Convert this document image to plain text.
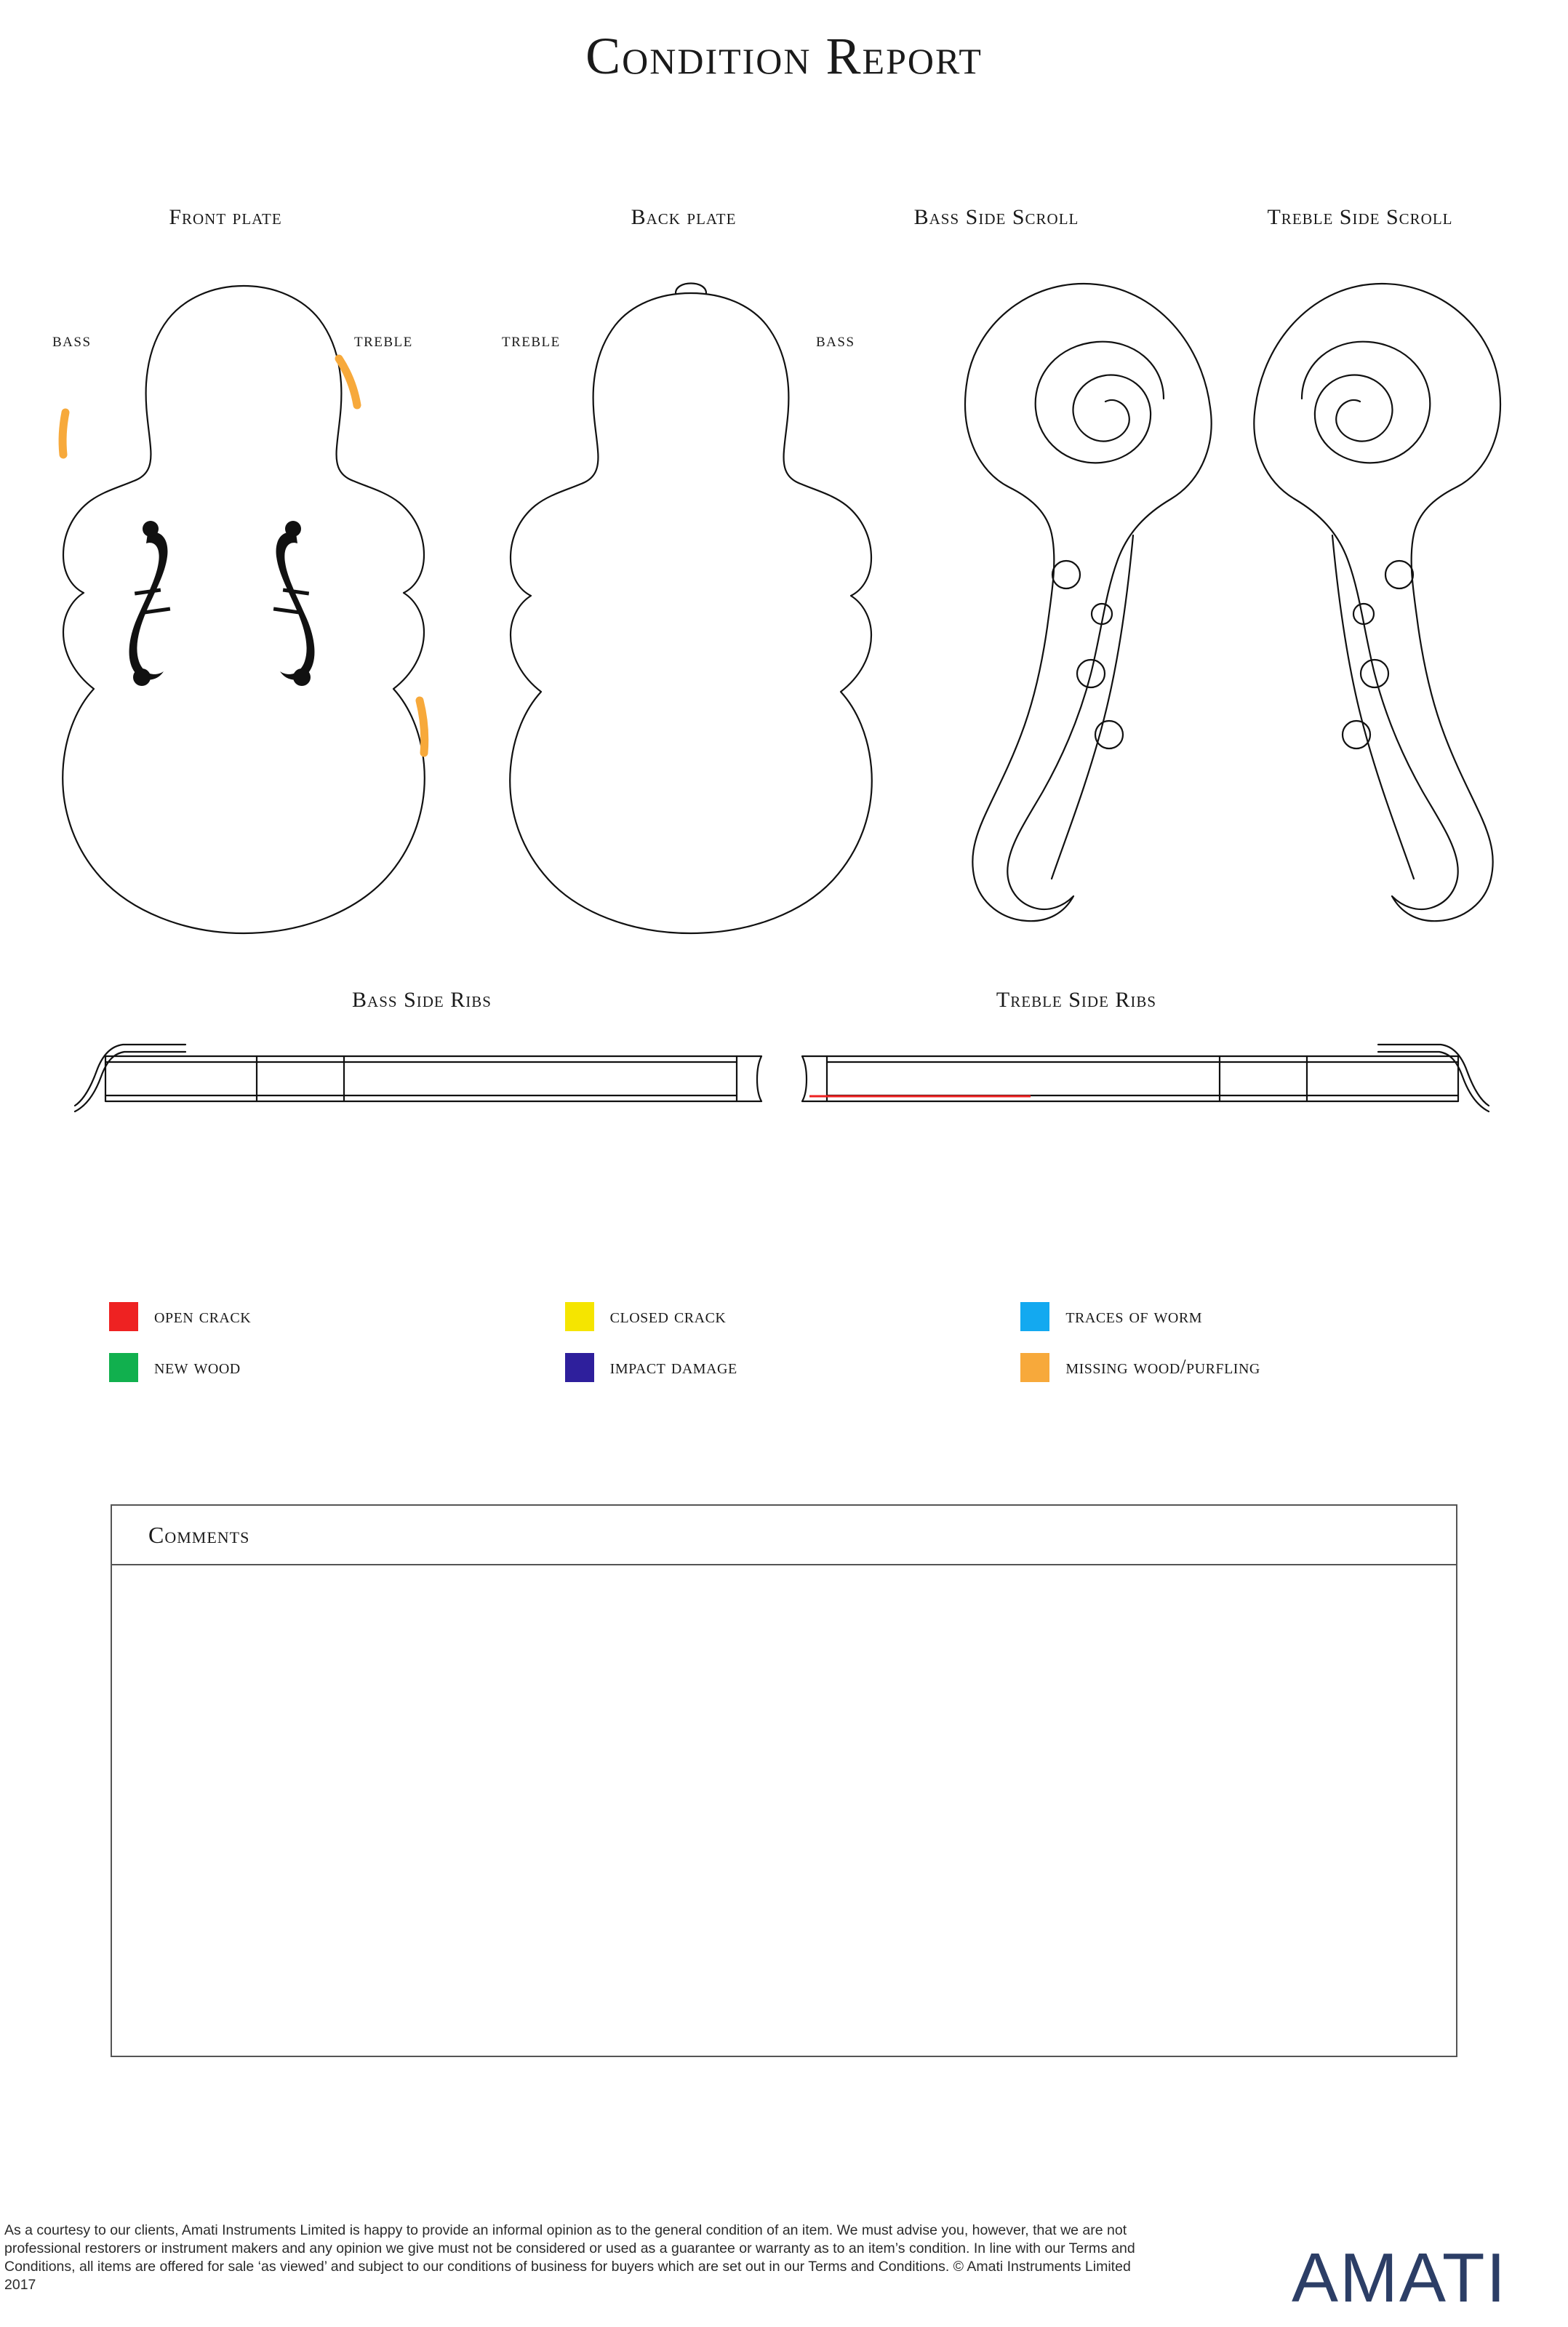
Condition Report
Front plate
BASS	TREBLE
Back plate
TREBLE	BASS
Bass Side Scroll	Treble Side Scroll
Bass Side Ribs	Treble Side Ribs
open crack	closed crack	traces of worm
new wood	impact damage	missing wood/purfling
Comments
As a courtesy to our clients, Amati Instruments Limited is happy to provide an informal opinion as to the general condition of an item. We must advise you, however, that we are not professional restorers or instrument makers and any opinion we give must not be considered or used as a guarantee or warranty as to an item’s condition. In line with our Terms and Conditions, all items are offered for sale ‘as viewed’ and subject to our conditions of business for buyers which are set out in our Terms and Conditions. © Amati Instruments Limited 2017	AMATI
